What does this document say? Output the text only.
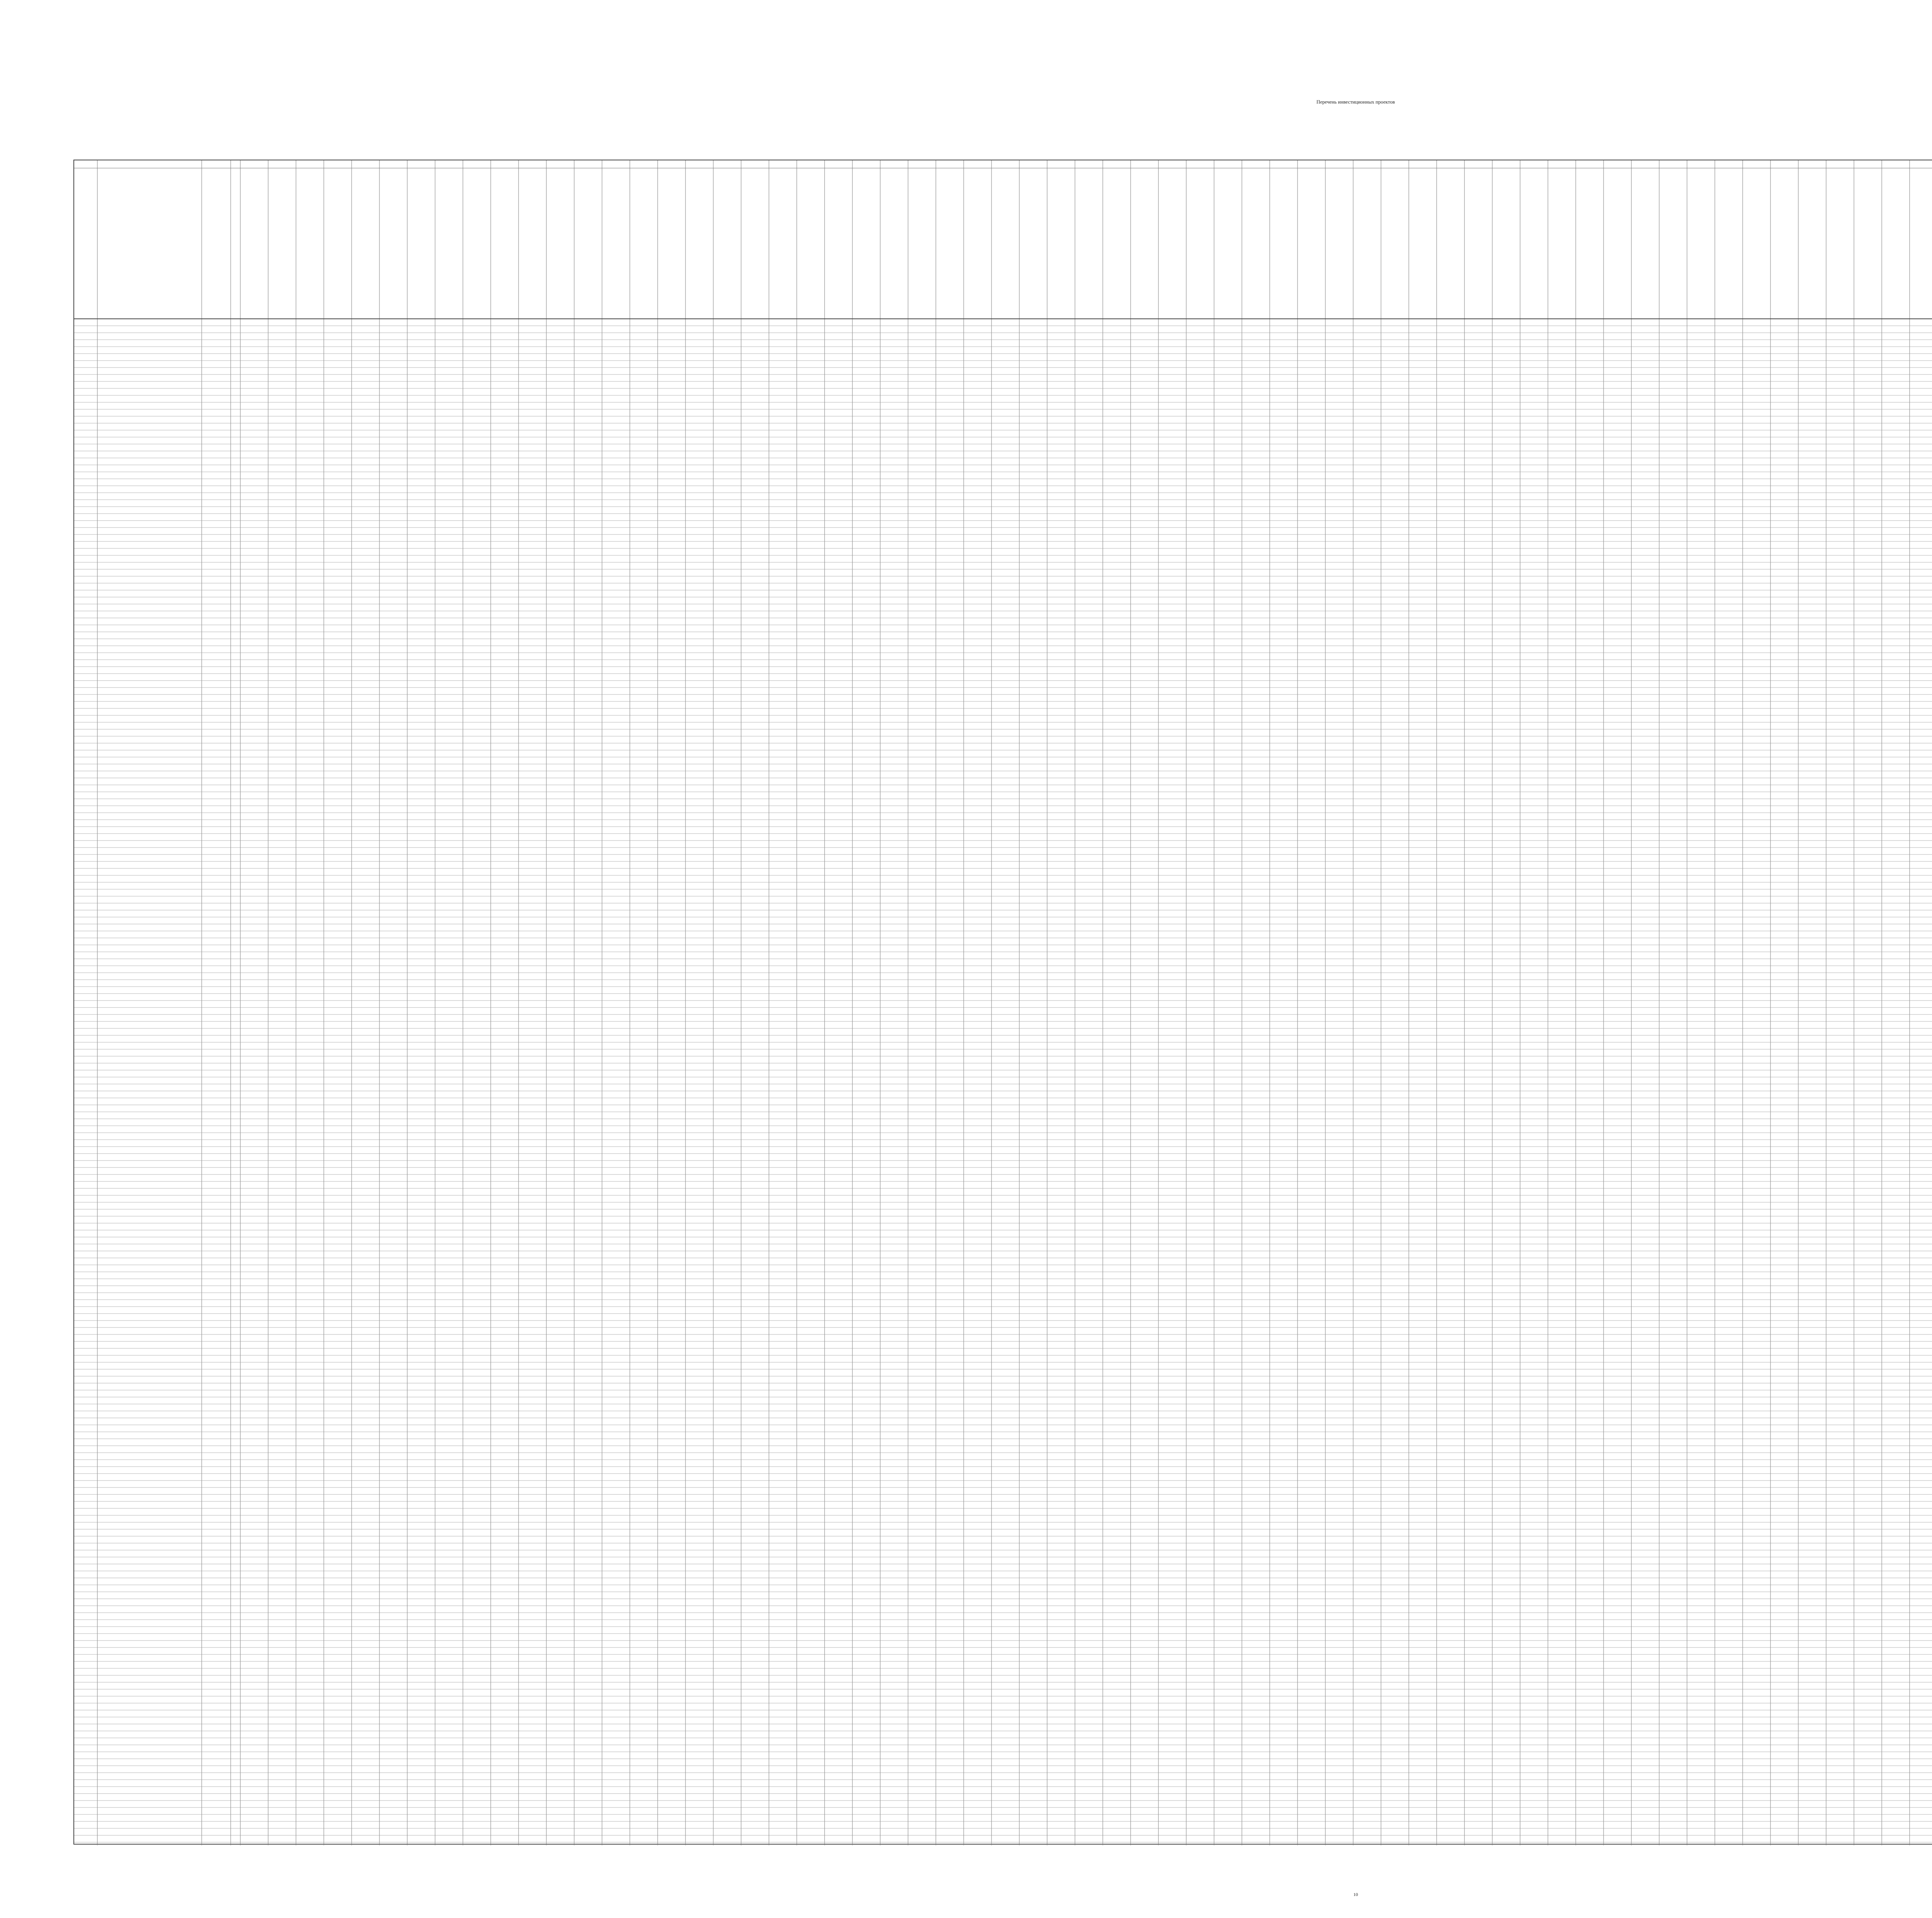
Перечень инвестиционных проектов
10
